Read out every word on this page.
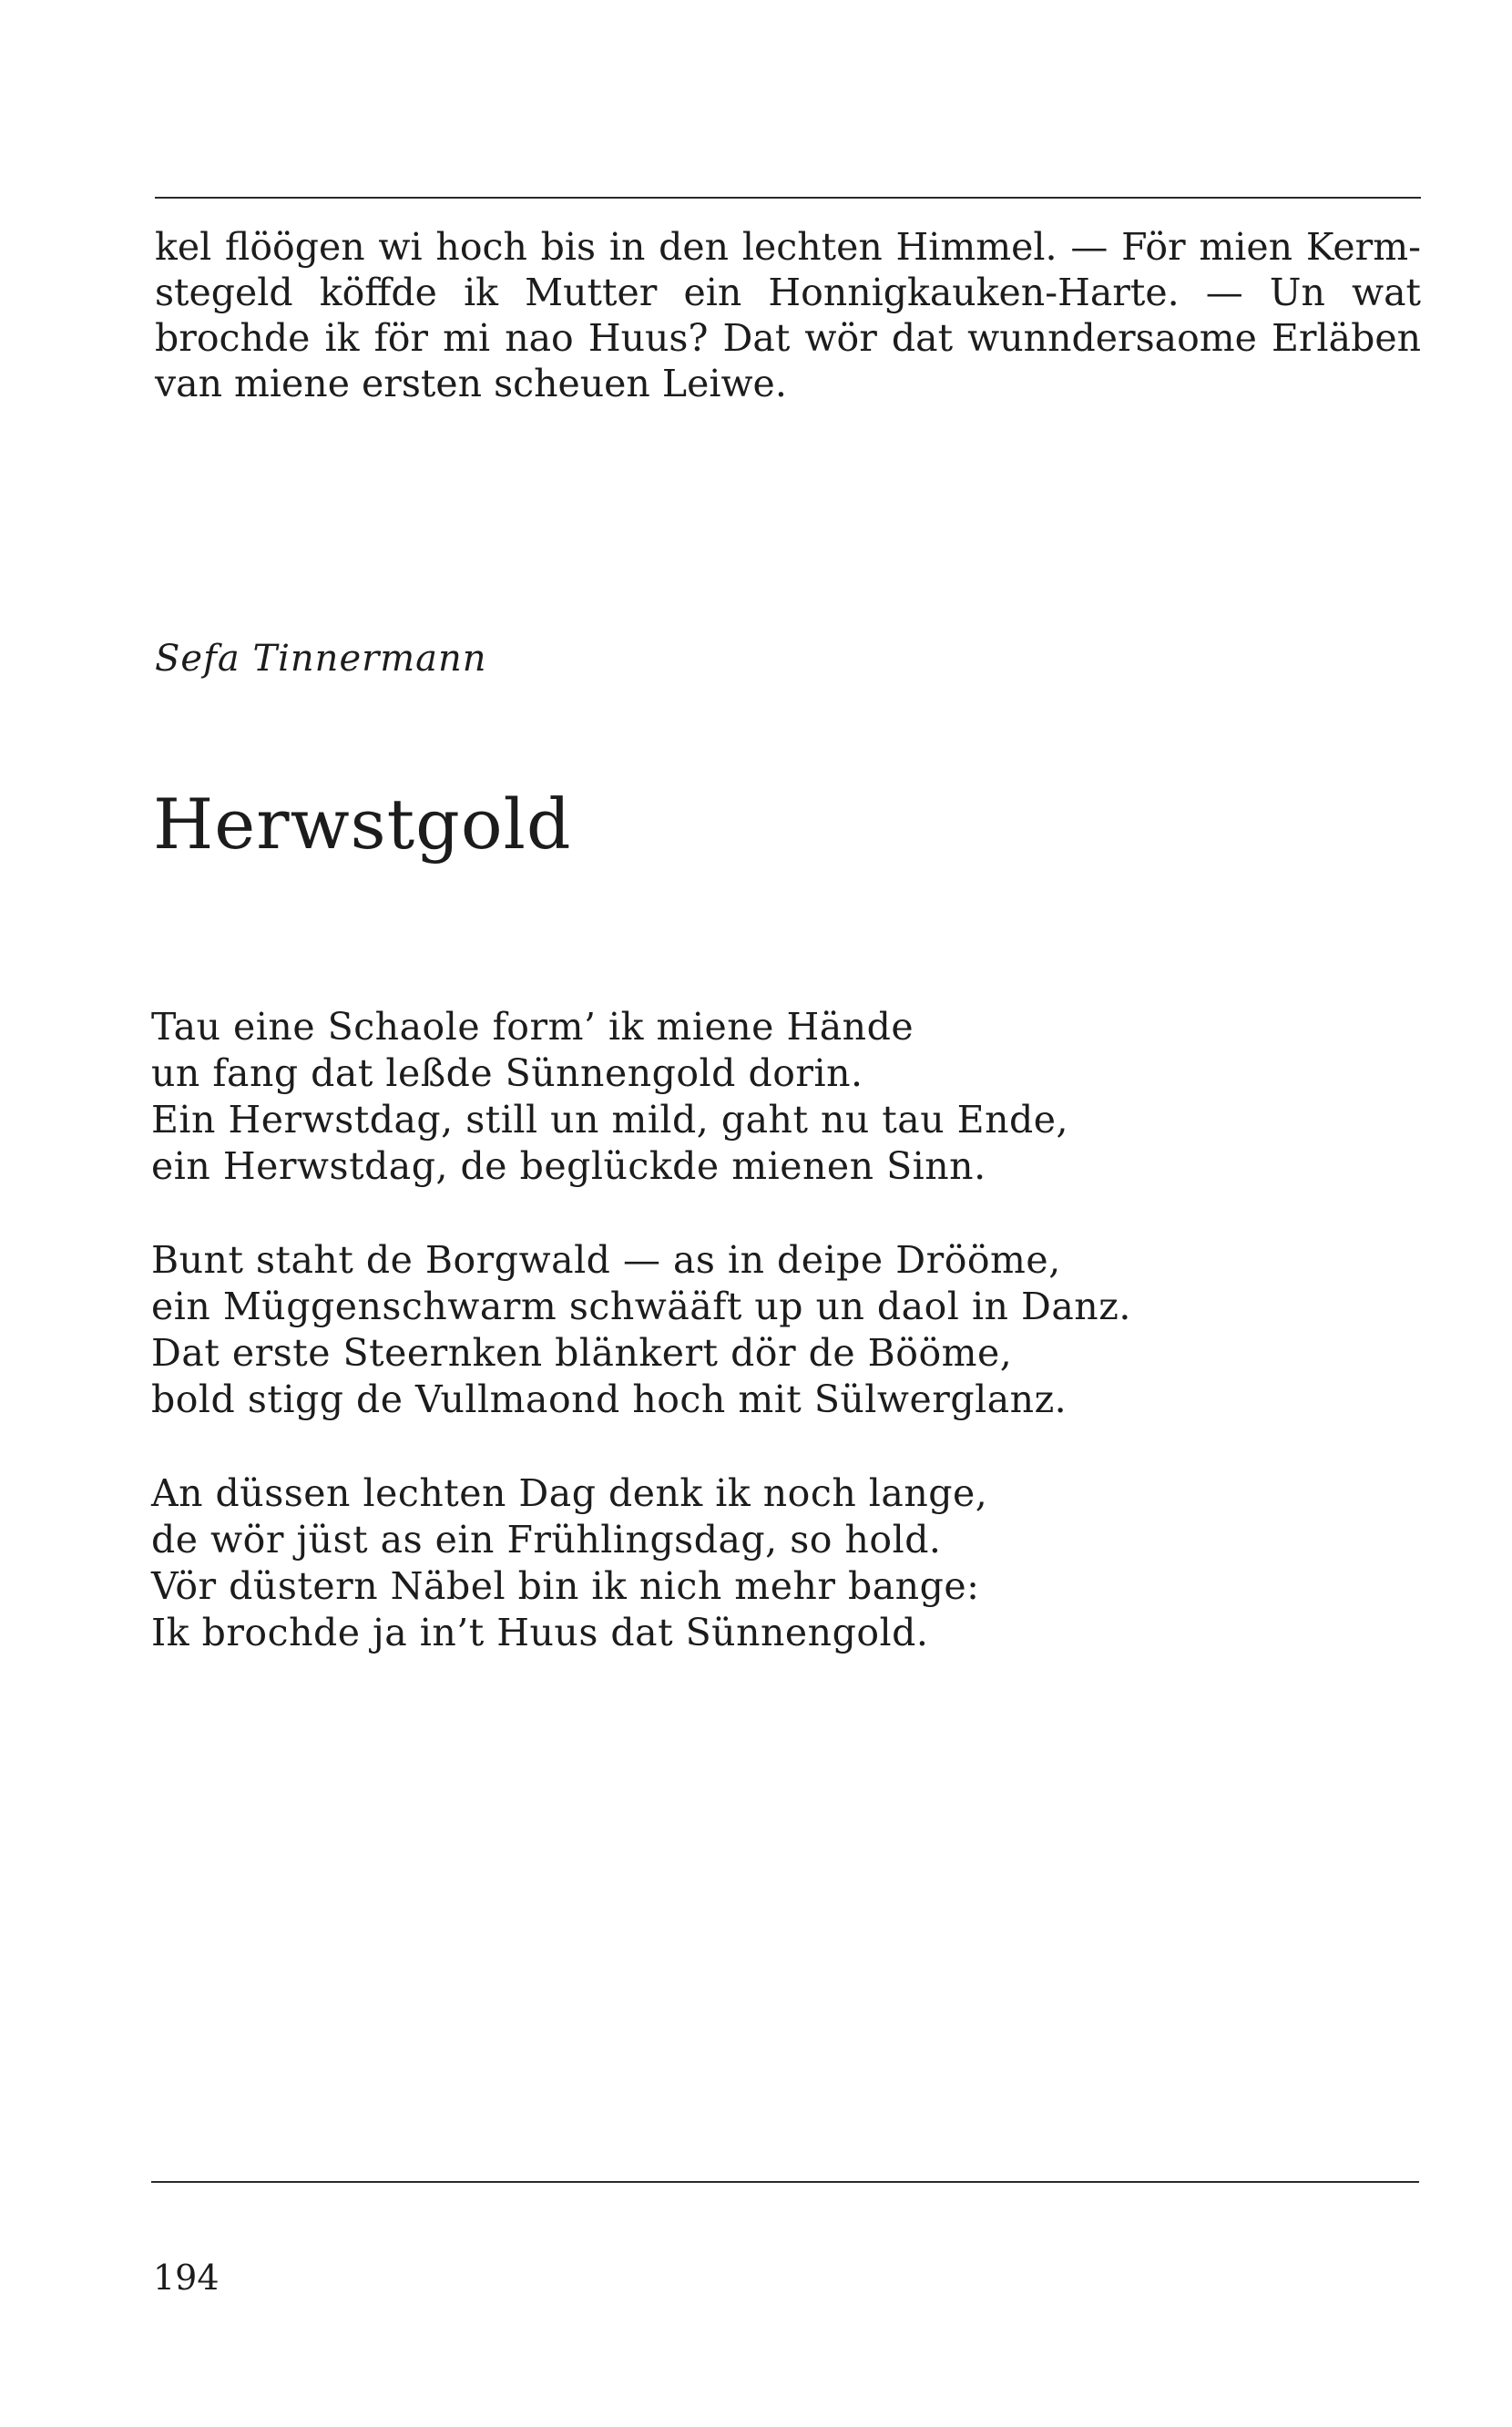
kel flöögen wi hoch bis in den lechten Himmel. — För mien Kerm-
stegeld köffde ik Mutter ein Honnigkauken-Harte. — Un wat
brochde ik för mi nao Huus? Dat wör dat wunndersaome Erläben
van miene ersten scheuen Leiwe.

Sefa Tinnermann

Herwstgold
Tau eine Schaole form’ ik miene Hände
un fang dat leßde Sünnengold dorin.
Ein Herwstdag, still un mild, gaht nu tau Ende,
ein Herwstdag, de beglückde mienen Sinn.
Bunt staht de Borgwald — as in deipe Drööme,
ein Müggenschwarm schwääft up un daol in Danz.
Dat erste Steernken blänkert dör de Bööme,
bold stigg de Vullmaond hoch mit Sülwerglanz.
An düssen lechten Dag denk ik noch lange,
de wör jüst as ein Frühlingsdag, so hold.
Vör düstern Näbel bin ik nich mehr bange:
Ik brochde ja in’t Huus dat Sünnengold.

194
